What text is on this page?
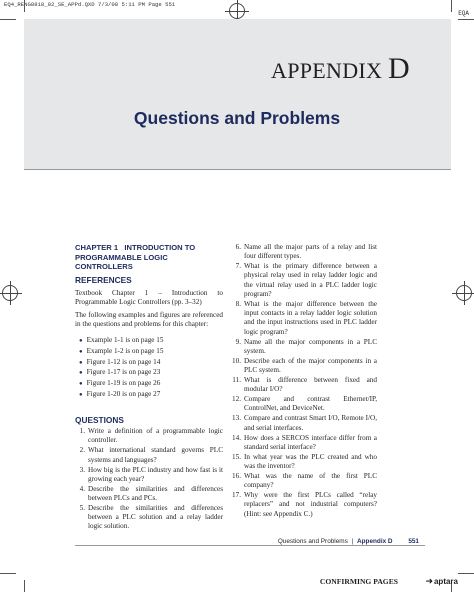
EQ4_RENG8818_02_SE_APPd.QXD 7/3/08 5:11 PM Page 551
EQA
APPENDIX D
Questions and Problems
CHAPTER 1   INTRODUCTION TO
PROGRAMMABLE LOGIC CONTROLLERS
REFERENCES

Textbook Chapter 1 – Introduction to Programmable Logic Controllers (pp. 3–32)

The following examples and figures are referenced in the questions and problems for this chapter:

● Example 1-1 is on page 15
● Example 1-2 is on page 15
● Figure 1-12 is on page 14
● Figure 1-17 is on page 23
● Figure 1-19 is on page 26
● Figure 1-20 is on page 27
QUESTIONS
1. Write a definition of a programmable logic controller.
2. What international standard governs PLC systems and languages?
3. How big is the PLC industry and how fast is it growing each year?
4. Describe the similarities and differences between PLCs and PCs.
5. Describe the similarities and differences between a PLC solution and a relay ladder logic solution.
6. Name all the major parts of a relay and list four different types.
7. What is the primary difference between a physical relay used in relay ladder logic and the virtual relay used in a PLC ladder logic program?
8. What is the major difference between the input contacts in a relay ladder logic solution and the input instructions used in PLC ladder logic program?
9. Name all the major components in a PLC system.
10. Describe each of the major components in a PLC system.
11. What is difference between fixed and modular I/O?
12. Compare and contrast Ethernet/IP, ControlNet, and DeviceNet.
13. Compare and contrast Smart I/O, Remote I/O, and serial interfaces.
14. How does a SERCOS interface differ from a standard serial interface?
15. In what year was the PLC created and who was the inventor?
16. What was the name of the first PLC company?
17. Why were the first PLCs called “relay replacers” and not industrial computers? (Hint: see Appendix C.)
Questions and Problems | Appendix D 551
CONFIRMING PAGES	➜aptara
